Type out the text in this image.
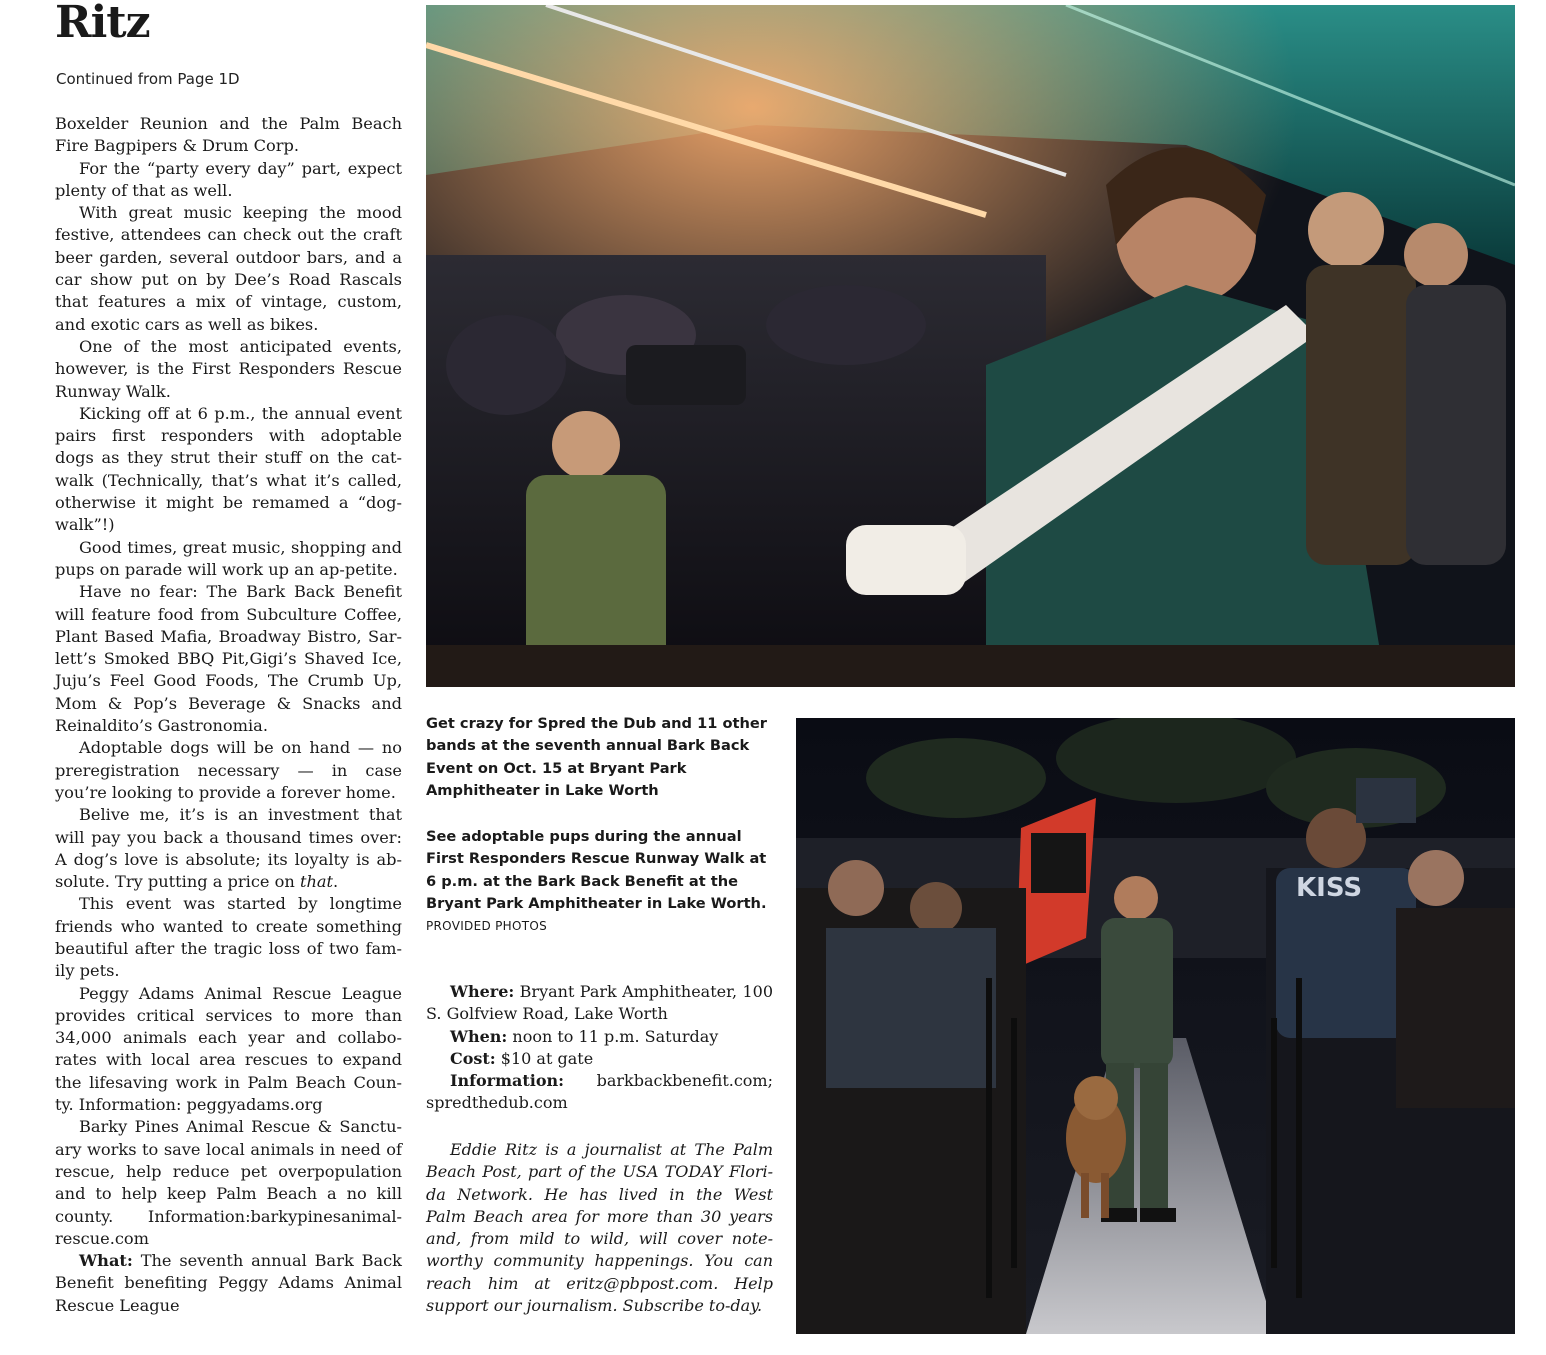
Ritz
Continued from Page 1D

Boxelder Reunion and the Palm Beach Fire Bagpipers & Drum Corp.

For the “party every day” part, expect plenty of that as well.

With great music keeping the mood festive, attendees can check out the craft beer garden, several outdoor bars, and a car show put on by Dee’s Road Rascals that features a mix of vintage, custom, and exotic cars as well as bikes.

One of the most anticipated events, however, is the First Responders Rescue Runway Walk.

Kicking off at 6 p.m., the annual event pairs first responders with adoptable dogs as they strut their stuff on the cat-walk (Technically, that’s what it’s called, otherwise it might be remamed a “dog-walk”!)

Good times, great music, shopping and pups on parade will work up an ap-petite.

Have no fear: The Bark Back Benefit will feature food from Subculture Coffee, Plant Based Mafia, Broadway Bistro, Sar-lett’s Smoked BBQ Pit,Gigi’s Shaved Ice, Juju’s Feel Good Foods, The Crumb Up, Mom & Pop’s Beverage & Snacks and Reinaldito’s Gastronomia.

Adoptable dogs will be on hand — no preregistration necessary — in case you’re looking to provide a forever home.

Belive me, it’s is an investment that will pay you back a thousand times over: A dog’s love is absolute; its loyalty is ab-solute. Try putting a price on that.

This event was started by longtime friends who wanted to create something beautiful after the tragic loss of two fam-ily pets.

Peggy Adams Animal Rescue League provides critical services to more than 34,000 animals each year and collabo-rates with local area rescues to expand the lifesaving work in Palm Beach Coun-ty. Information: peggyadams.org

Barky Pines Animal Rescue & Sanctu-ary works to save local animals in need of rescue, help reduce pet overpopulation and to help keep Palm Beach a no kill county. Information:barkypinesanimal-rescue.com

What: The seventh annual Bark Back Benefit benefiting Peggy Adams Animal Rescue League

Get crazy for Spred the Dub and 11 other bands at the seventh annual Bark Back Event on Oct. 15 at Bryant Park Amphitheater in Lake Worth

See adoptable pups during the annual First Responders Rescue Runway Walk at 6 p.m. at the Bark Back Benefit at the Bryant Park Amphitheater in Lake Worth. PROVIDED PHOTOS

Where: Bryant Park Amphitheater, 100 S. Golfview Road, Lake Worth

When: noon to 11 p.m. Saturday

Cost: $10 at gate

Information: barkbackbenefit.com; spredthedub.com

Eddie Ritz is a journalist at The Palm Beach Post, part of the USA TODAY Flori-da Network. He has lived in the West Palm Beach area for more than 30 years and, from mild to wild, will cover note-worthy community happenings. You can reach him at eritz@pbpost.com. Help support our journalism. Subscribe to-day.

KISS
